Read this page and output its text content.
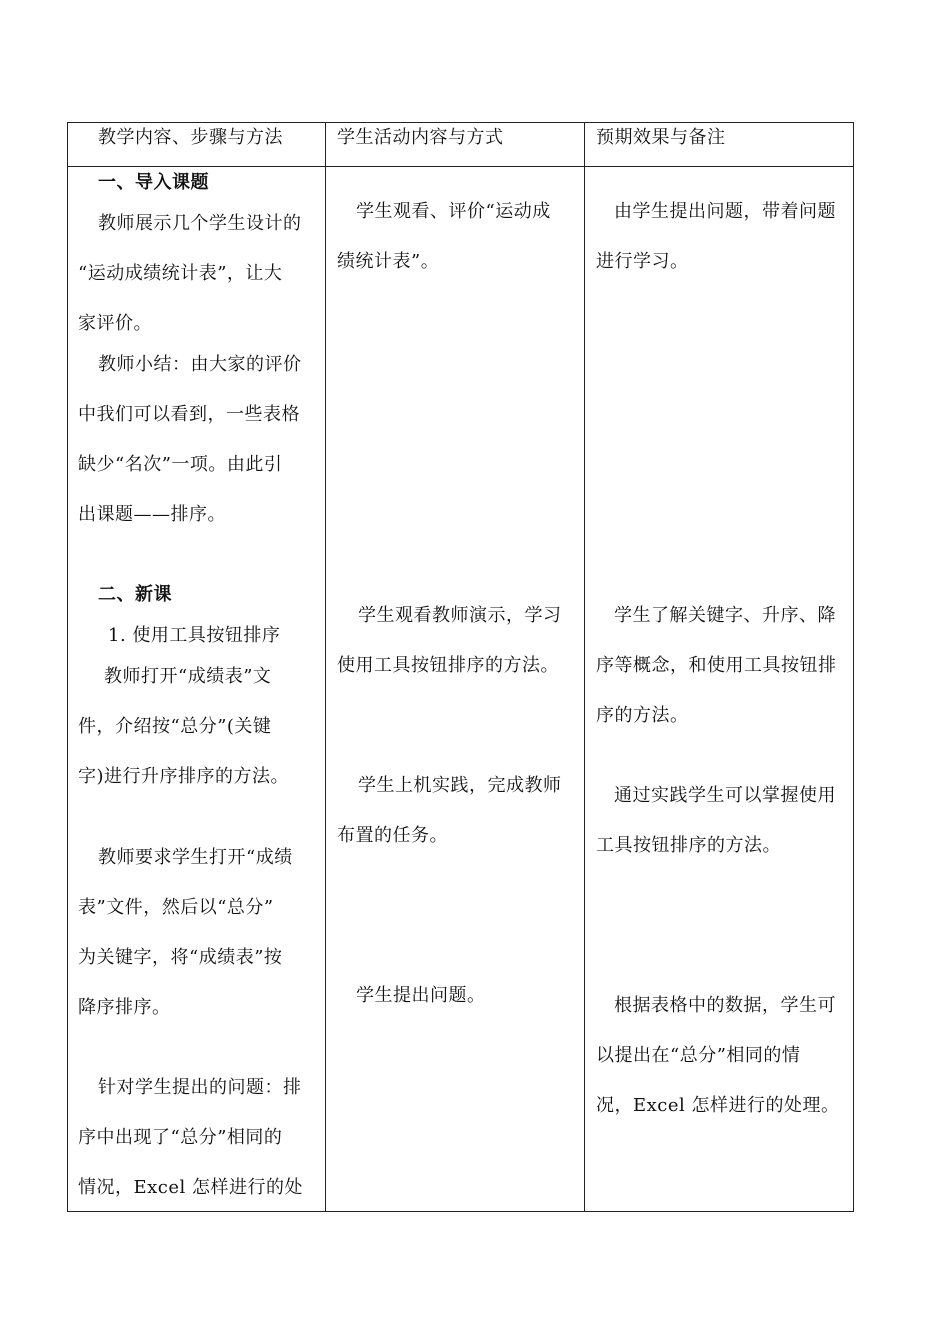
教学内容、步骤与方法	学生活动内容与方式	预期效果与备注
一、导入课题
教师展示几个学生设计的
“运动成绩统计表”，让大
家评价。
教师小结：由大家的评价
中我们可以看到，一些表格
缺少“名次”一项。由此引
出课题——排序。
二、新课
1. 使用工具按钮排序
教师打开“成绩表”文
件，介绍按“总分”(关键
字)进行升序排序的方法。
教师要求学生打开“成绩
表”文件，然后以“总分”
为关键字，将“成绩表”按
降序排序。
针对学生提出的问题：排
序中出现了“总分”相同的
情况，Excel 怎样进行的处
学生观看、评价“运动成
绩统计表”。
学生观看教师演示，学习
使用工具按钮排序的方法。
学生上机实践，完成教师
布置的任务。
学生提出问题。
由学生提出问题，带着问题
进行学习。
学生了解关键字、升序、降
序等概念，和使用工具按钮排
序的方法。
通过实践学生可以掌握使用
工具按钮排序的方法。
根据表格中的数据，学生可
以提出在“总分”相同的情
况，Excel 怎样进行的处理。
